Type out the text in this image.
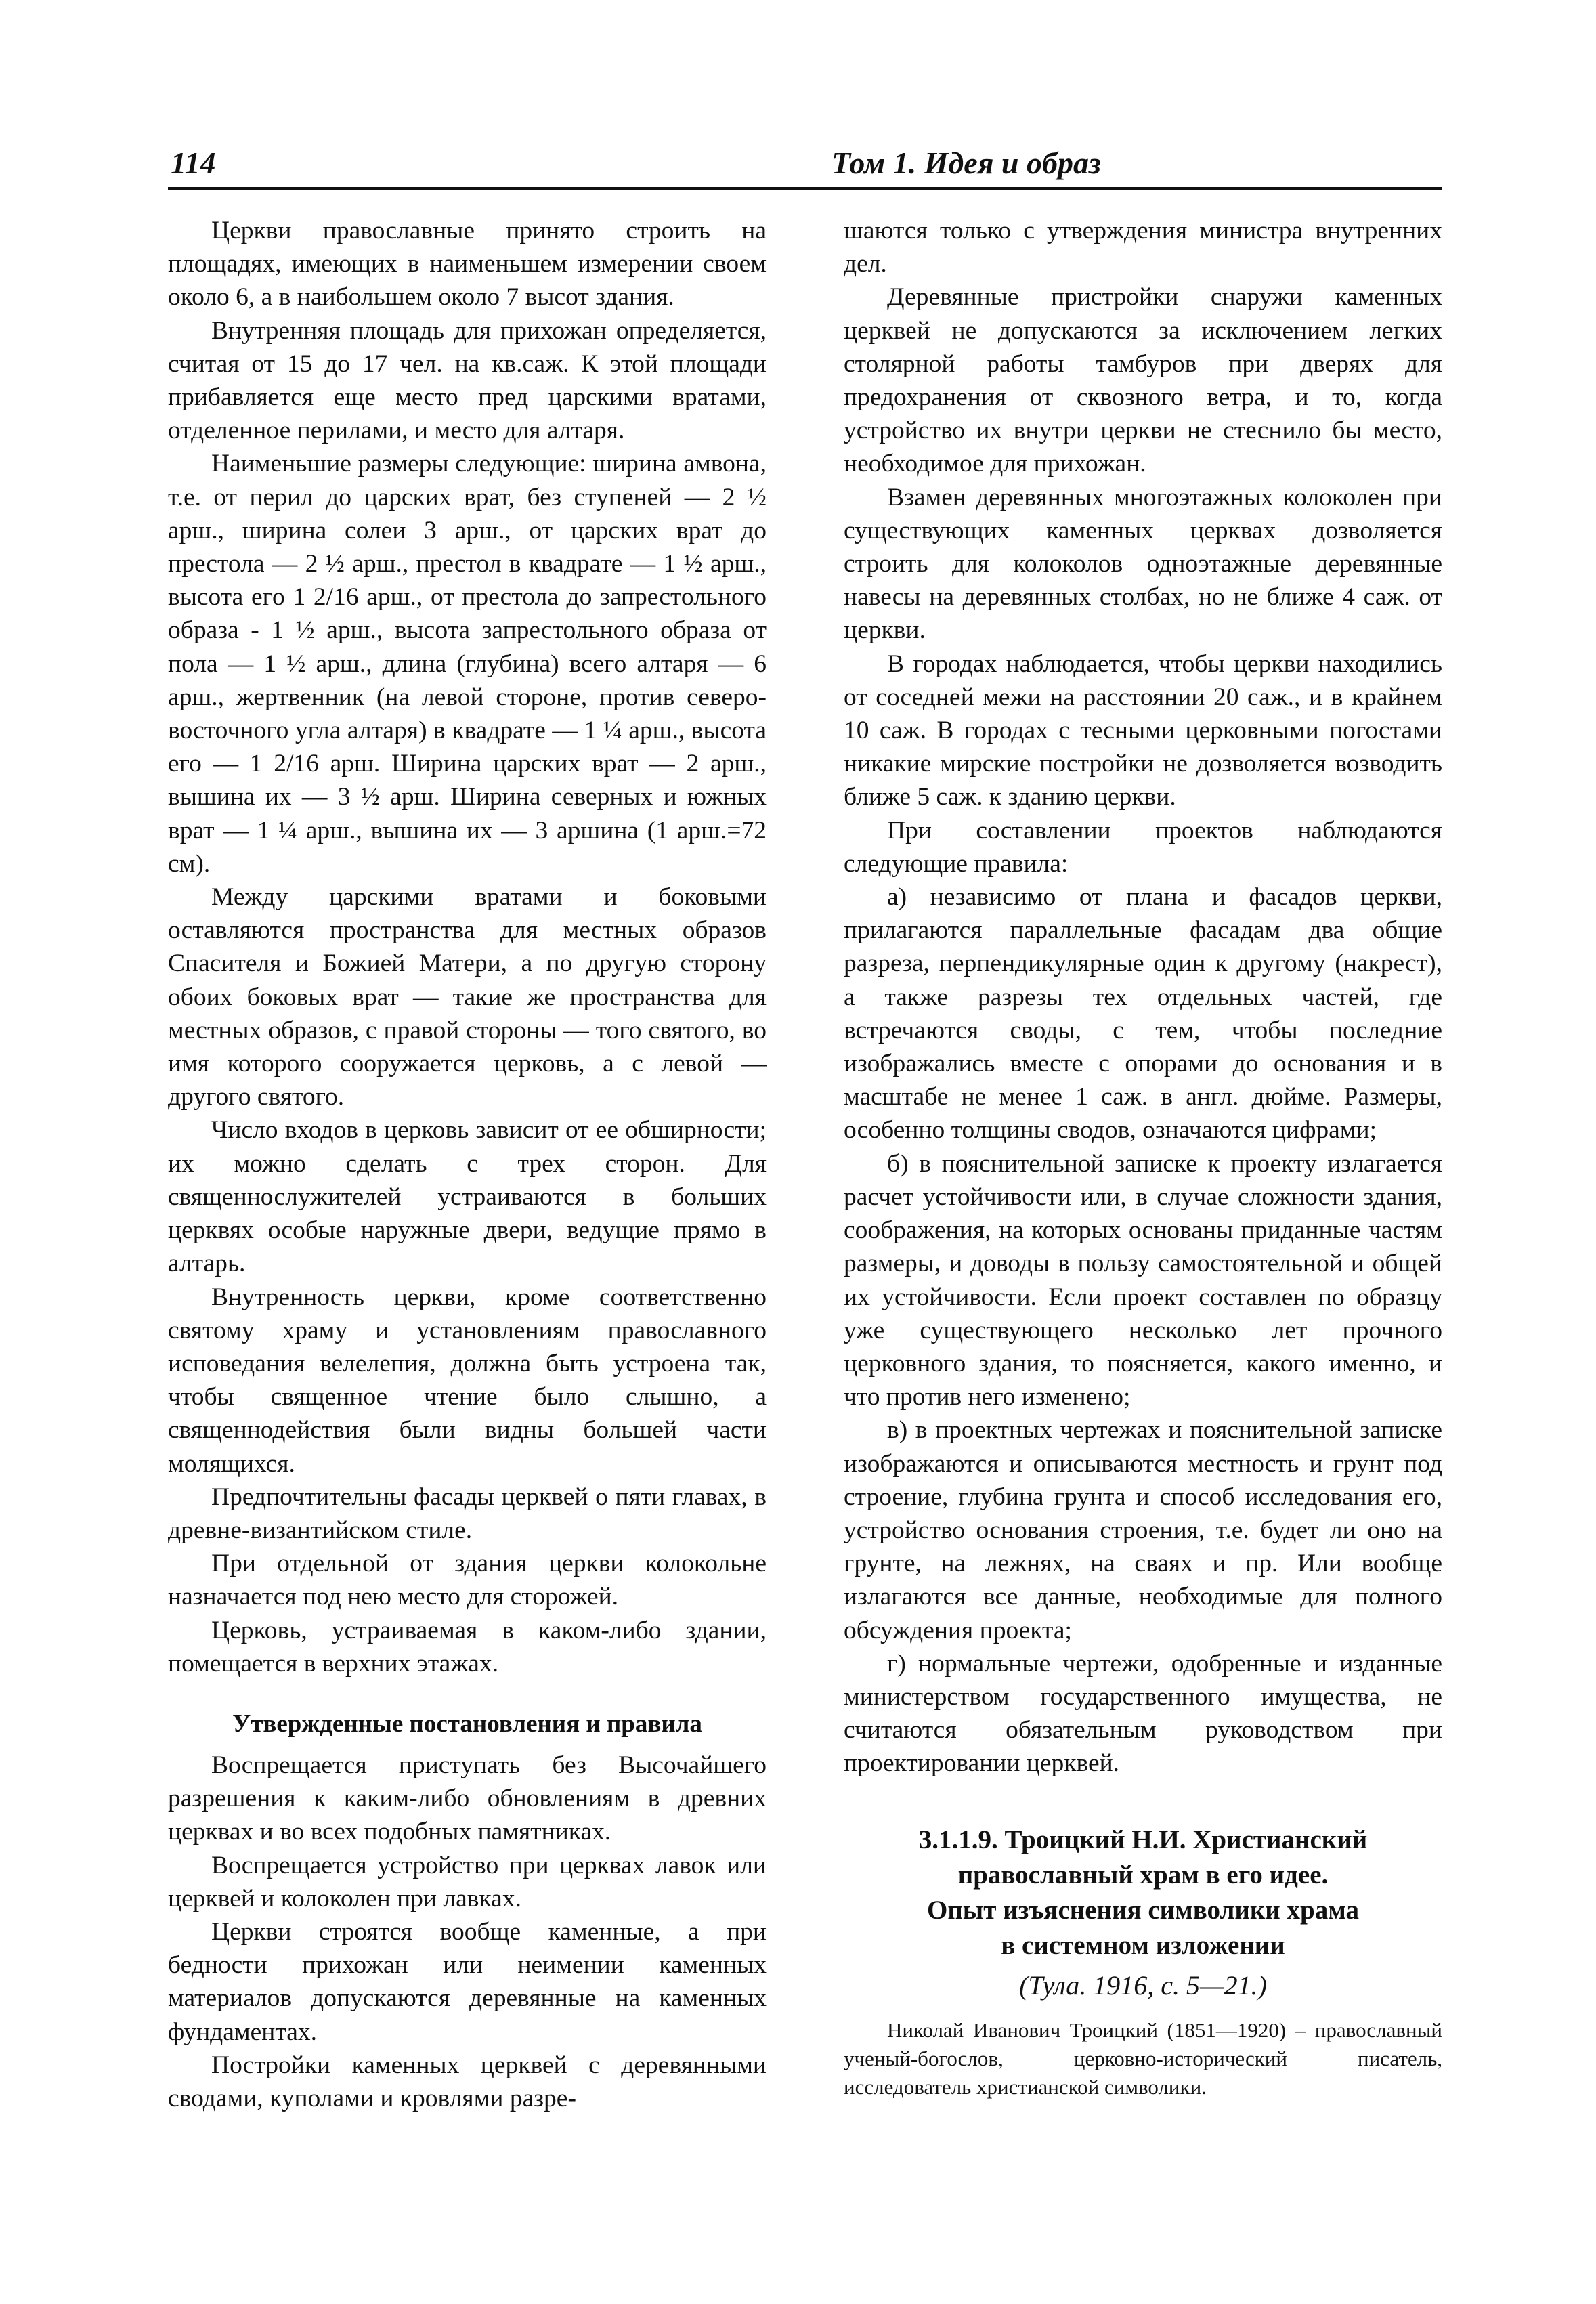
114	Том 1. Идея и образ

Церкви православные принято строить на площадях, имеющих в наименьшем измерении своем около 6, а в наибольшем около 7 высот здания.

Внутренняя площадь для прихожан определяется, считая от 15 до 17 чел. на кв.саж. К этой площади прибавляется еще место пред царскими вратами, отделенное перилами, и место для алтаря.

Наименьшие размеры следующие: ширина амвона, т.е. от перил до царских врат, без ступеней — 2 ½ арш., ширина солеи 3 арш., от царских врат до престола — 2 ½ арш., престол в квадрате — 1 ½ арш., высота его 1 2/16 арш., от престола до запрестольного образа - 1 ½ арш., высота запрестольного образа от пола — 1 ½ арш., длина (глубина) всего алтаря — 6 арш., жертвенник (на левой стороне, против северо-восточного угла алтаря) в квадрате — 1 ¼ арш., высота его — 1 2/16 арш. Ширина царских врат — 2 арш., вышина их — 3 ½ арш. Ширина северных и южных врат — 1 ¼ арш., вышина их — 3 аршина (1 арш.=72 см).

Между царскими вратами и боковыми оставляются пространства для местных образов Спасителя и Божией Матери, а по другую сторону обоих боковых врат — такие же пространства для местных образов, с правой стороны — того святого, во имя которого сооружается церковь, а с левой — другого святого.

Число входов в церковь зависит от ее обширности; их можно сделать с трех сторон. Для священнослужителей устраиваются в больших церквях особые наружные двери, ведущие прямо в алтарь.

Внутренность церкви, кроме соответственно святому храму и установлениям православного исповедания велелепия, должна быть устроена так, чтобы священное чтение было слышно, а священнодействия были видны большей части молящихся.

Предпочтительны фасады церквей о пяти главах, в древне-византийском стиле.

При отдельной от здания церкви колокольне назначается под нею место для сторожей.

Церковь, устраиваемая в каком-либо здании, помещается в верхних этажах.

Утвержденные постановления и правила

Воспрещается приступать без Высочайшего разрешения к каким-либо обновлениям в древних церквах и во всех подобных памятниках.

Воспрещается устройство при церквах лавок или церквей и колоколен при лавках.

Церкви строятся вообще каменные, а при бедности прихожан или неимении каменных материалов допускаются деревянные на каменных фундаментах.

Постройки каменных церквей с деревянными сводами, куполами и кровлями разре-

шаются только с утверждения министра внутренних дел.

Деревянные пристройки снаружи каменных церквей не допускаются за исключением легких столярной работы тамбуров при дверях для предохранения от сквозного ветра, и то, когда устройство их внутри церкви не стеснило бы место, необходимое для прихожан.

Взамен деревянных многоэтажных колоколен при существующих каменных церквах дозволяется строить для колоколов одноэтажные деревянные навесы на деревянных столбах, но не ближе 4 саж. от церкви.

В городах наблюдается, чтобы церкви находились от соседней межи на расстоянии 20 саж., и в крайнем 10 саж. В городах с тесными церковными погостами никакие мирские постройки не дозволяется возводить ближе 5 саж. к зданию церкви.

При составлении проектов наблюдаются следующие правила:

а) независимо от плана и фасадов церкви, прилагаются параллельные фасадам два общие разреза, перпендикулярные один к другому (накрест), а также разрезы тех отдельных частей, где встречаются своды, с тем, чтобы последние изображались вместе с опорами до основания и в масштабе не менее 1 саж. в англ. дюйме. Размеры, особенно толщины сводов, означаются цифрами;

б) в пояснительной записке к проекту излагается расчет устойчивости или, в случае сложности здания, соображения, на которых основаны приданные частям размеры, и доводы в пользу самостоятельной и общей их устойчивости. Если проект составлен по образцу уже существующего несколько лет прочного церковного здания, то поясняется, какого именно, и что против него изменено;

в) в проектных чертежах и пояснительной записке изображаются и описываются местность и грунт под строение, глубина грунта и способ исследования его, устройство основания строения, т.е. будет ли оно на грунте, на лежнях, на сваях и пр. Или вообще излагаются все данные, необходимые для полного обсуждения проекта;

г) нормальные чертежи, одобренные и изданные министерством государственного имущества, не считаются обязательным руководством при проектировании церквей.

3.1.1.9. Троицкий Н.И. Христианский
православный храм в его идее.
Опыт изъяснения символики храма
в системном изложении
(Тула. 1916, с. 5—21.)
Николай Иванович Троицкий (1851—1920) – православный ученый-богослов, церковно-исторический писатель, исследователь христианской символики.
